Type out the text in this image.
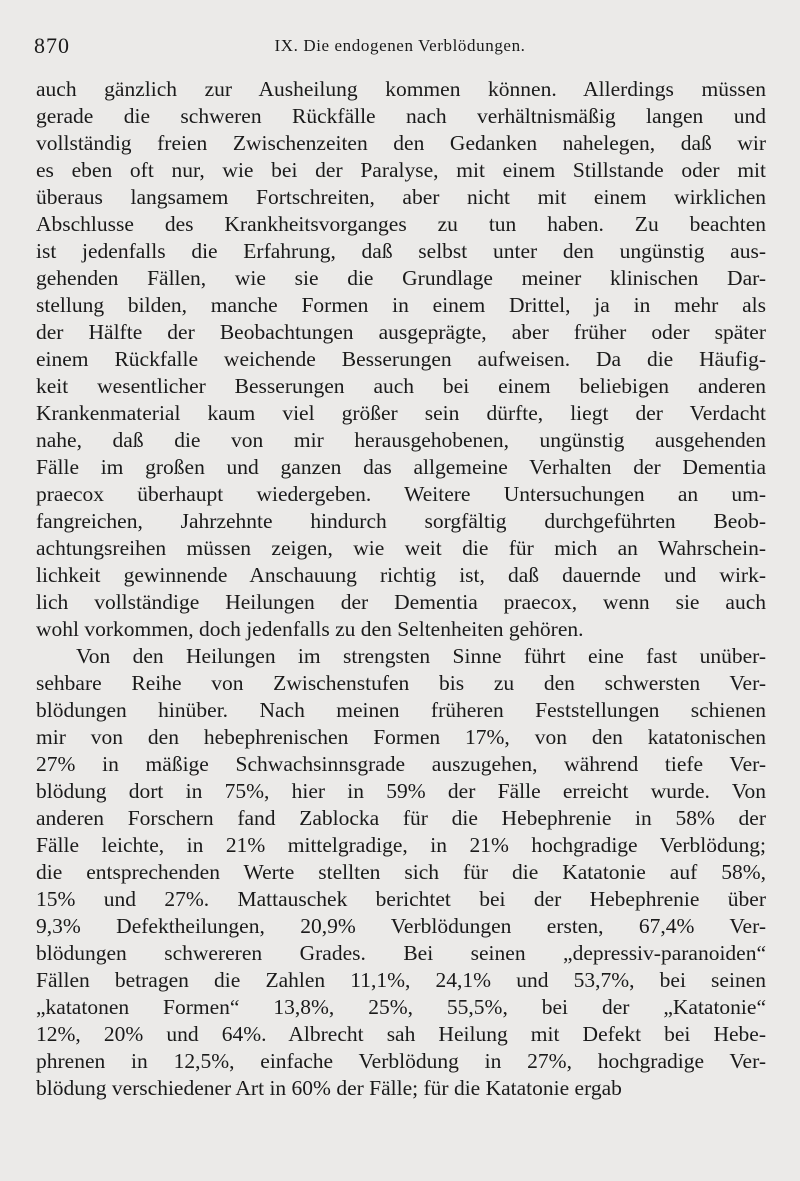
870	IX. Die endogenen Verblödungen.
auch gänzlich zur Ausheilung kommen können. Allerdings müssen
gerade die schweren Rückfälle nach verhältnismäßig langen und
vollständig freien Zwischenzeiten den Gedanken nahelegen, daß wir
es eben oft nur, wie bei der Paralyse, mit einem Stillstande oder mit
überaus langsamem Fortschreiten, aber nicht mit einem wirklichen
Abschlusse des Krankheitsvorganges zu tun haben. Zu beachten
ist jedenfalls die Erfahrung, daß selbst unter den ungünstig aus-
gehenden Fällen, wie sie die Grundlage meiner klinischen Dar-
stellung bilden, manche Formen in einem Drittel, ja in mehr als
der Hälfte der Beobachtungen ausgeprägte, aber früher oder später
einem Rückfalle weichende Besserungen aufweisen. Da die Häufig-
keit wesentlicher Besserungen auch bei einem beliebigen anderen
Krankenmaterial kaum viel größer sein dürfte, liegt der Verdacht
nahe, daß die von mir herausgehobenen, ungünstig ausgehenden
Fälle im großen und ganzen das allgemeine Verhalten der Dementia
praecox überhaupt wiedergeben. Weitere Untersuchungen an um-
fangreichen, Jahrzehnte hindurch sorgfältig durchgeführten Beob-
achtungsreihen müssen zeigen, wie weit die für mich an Wahrschein-
lichkeit gewinnende Anschauung richtig ist, daß dauernde und wirk-
lich vollständige Heilungen der Dementia praecox, wenn sie auch
wohl vorkommen, doch jedenfalls zu den Seltenheiten gehören.
Von den Heilungen im strengsten Sinne führt eine fast unüber-
sehbare Reihe von Zwischenstufen bis zu den schwersten Ver-
blödungen hinüber. Nach meinen früheren Feststellungen schienen
mir von den hebephrenischen Formen 17%, von den katatonischen
27% in mäßige Schwachsinnsgrade auszugehen, während tiefe Ver-
blödung dort in 75%, hier in 59% der Fälle erreicht wurde. Von
anderen Forschern fand Zablocka für die Hebephrenie in 58% der
Fälle leichte, in 21% mittelgradige, in 21% hochgradige Verblödung;
die entsprechenden Werte stellten sich für die Katatonie auf 58%,
15% und 27%. Mattauschek berichtet bei der Hebephrenie über
9,3% Defektheilungen, 20,9% Verblödungen ersten, 67,4% Ver-
blödungen schwereren Grades. Bei seinen „depressiv-paranoiden“
Fällen betragen die Zahlen 11,1%, 24,1% und 53,7%, bei seinen
„katatonen Formen“ 13,8%, 25%, 55,5%, bei der „Katatonie“
12%, 20% und 64%. Albrecht sah Heilung mit Defekt bei Hebe-
phrenen in 12,5%, einfache Verblödung in 27%, hochgradige Ver-
blödung verschiedener Art in 60% der Fälle; für die Katatonie ergab
